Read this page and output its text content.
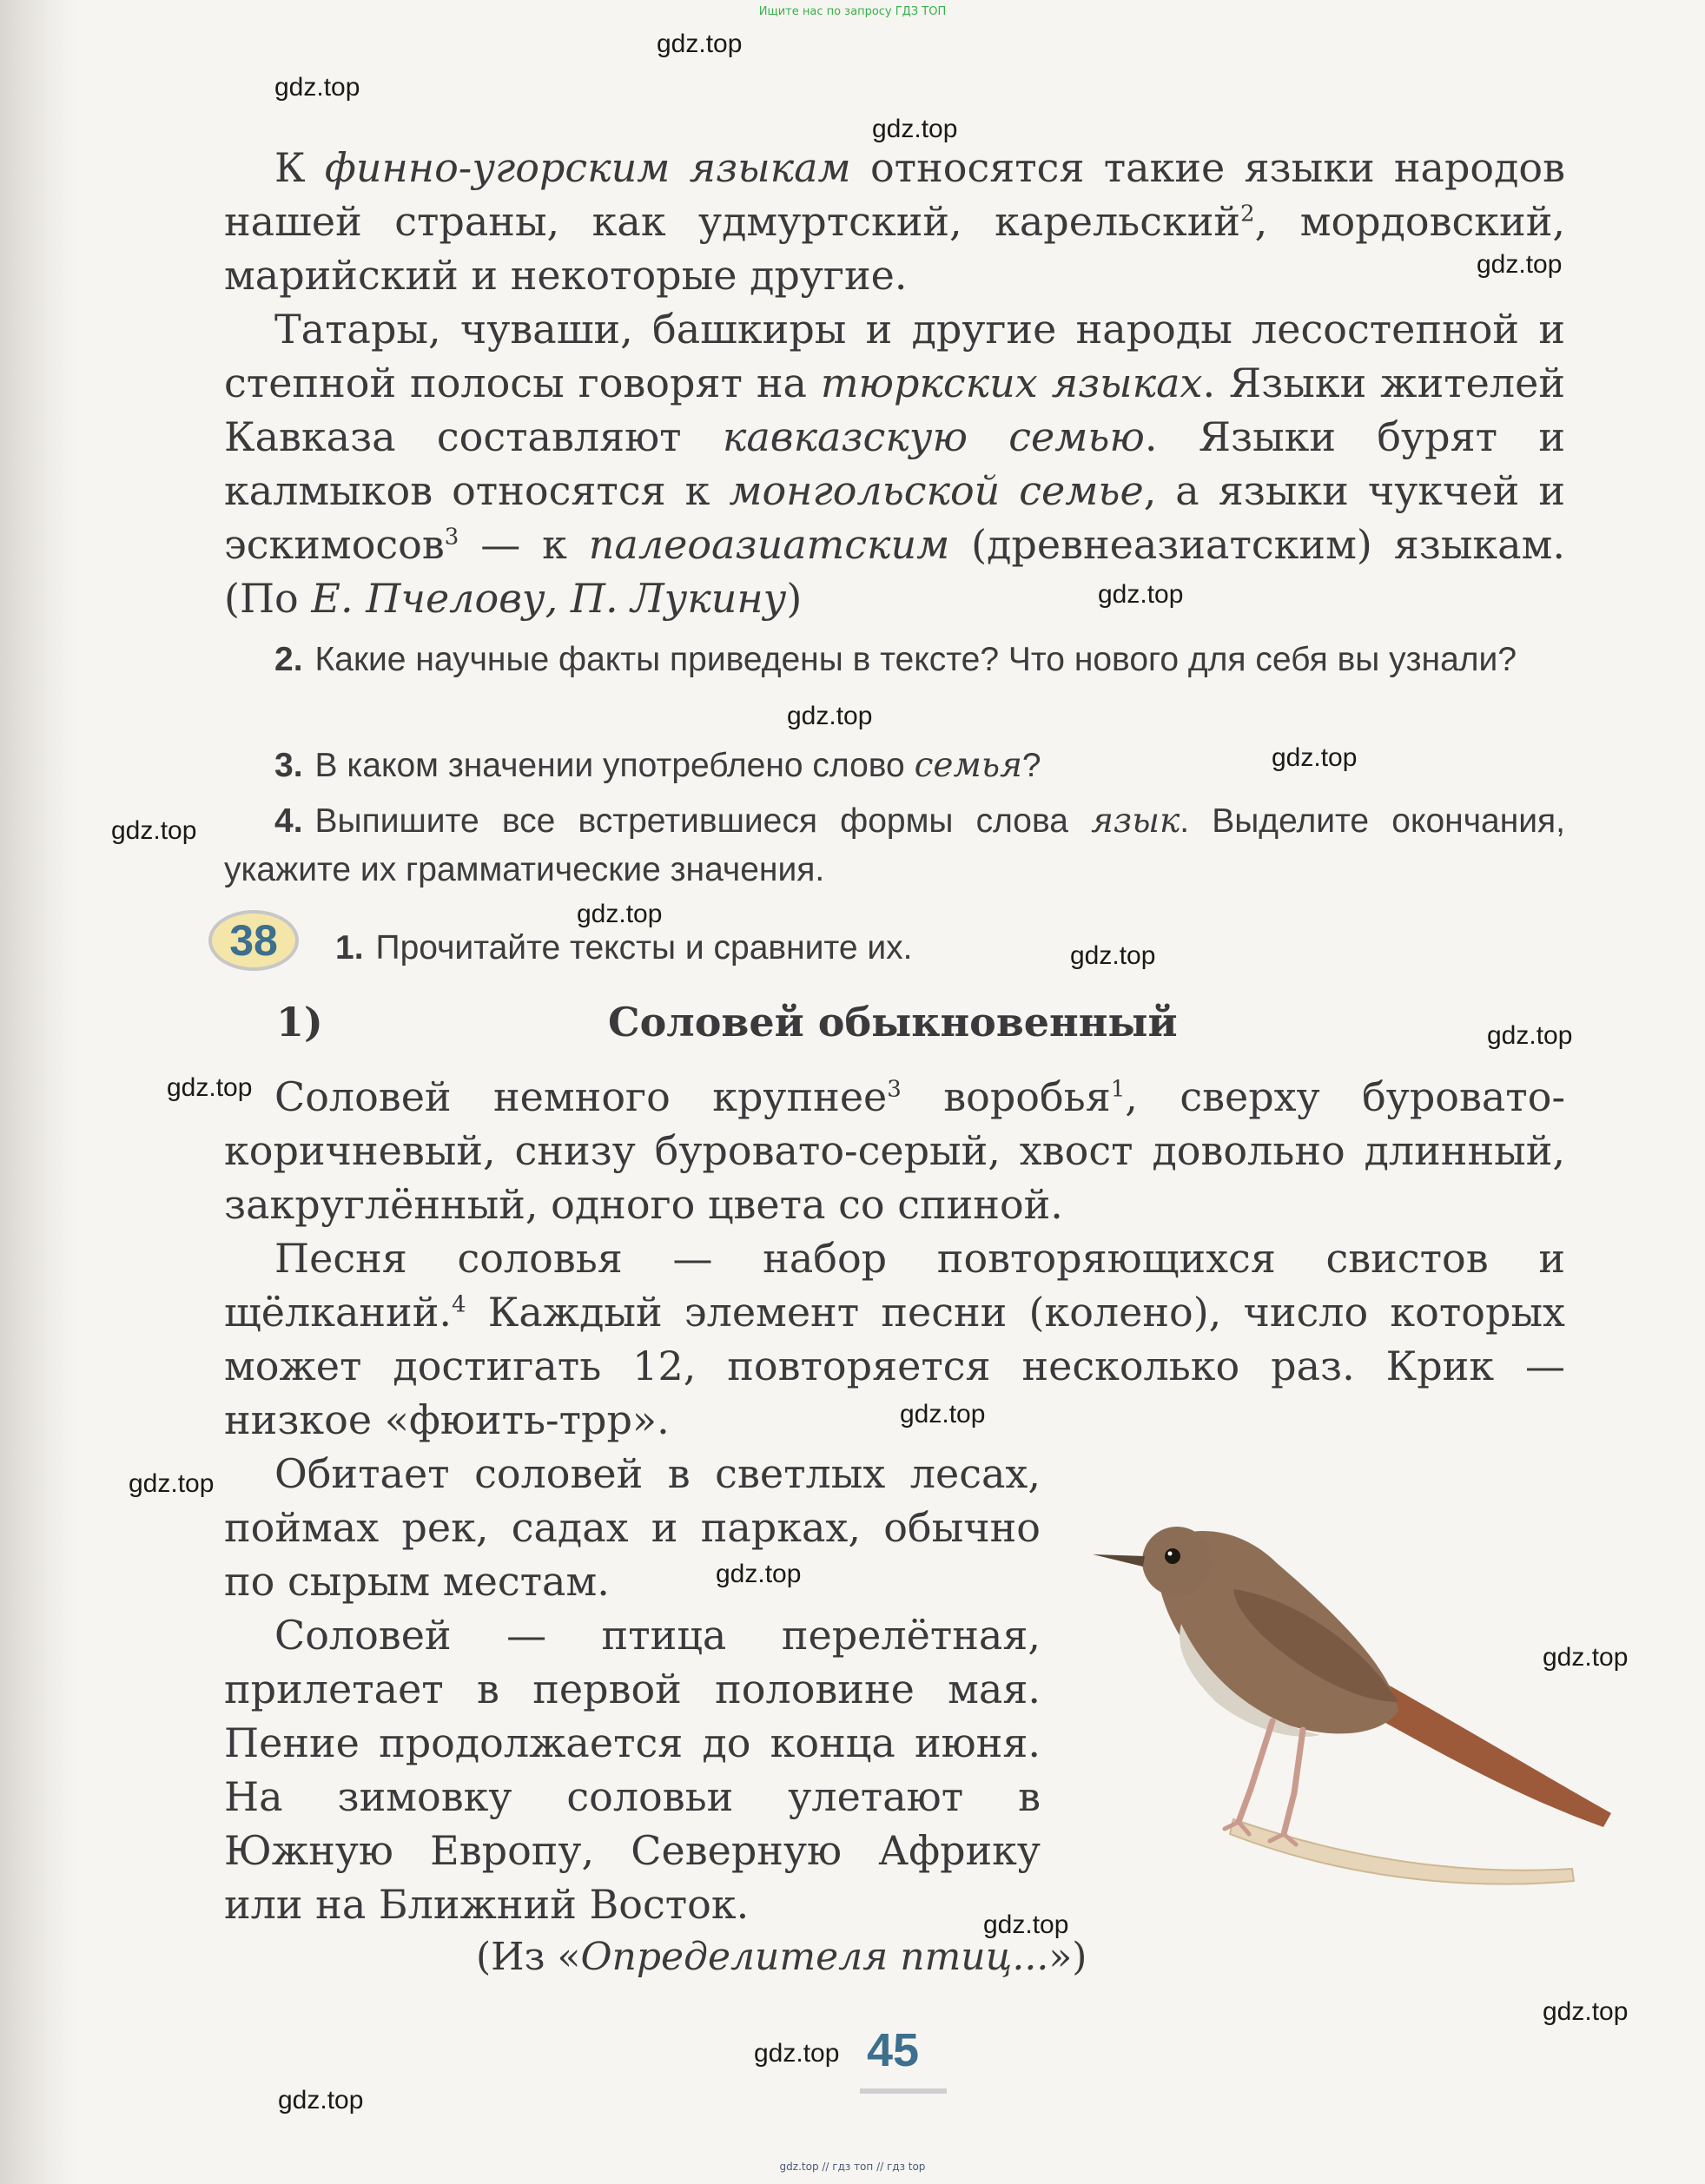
Ищите нас по запросу ГДЗ ТОП

К финно-угорским языкам относятся такие языки народов нашей страны, как удмуртский, карельский$^2$, мордовский, марийский и некоторые другие.

Татары, чуваши, башкиры и другие народы лесостепной и степной полосы говорят на тюркских языках. Языки жителей Кавказа составляют кавказскую семью. Языки бурят и калмыков относятся к монгольской семье, а языки чукчей и эскимосов$^3$ — к палеоазиатским (древнеазиатским) языкам. (По Е. Пчелову, П. Лукину)

2. Какие научные факты приведены в тексте? Что нового для себя вы узнали?
3. В каком значении употреблено слово семья?
4. Выпишите все встретившиеся формы слова язык. Выделите окончания, укажите их грамматические значения.
38	1. Прочитайте тексты и сравните их.
1)	Соловей обыкновенный

Соловей немного крупнее$^3$ воробья$^1$, сверху буровато-коричневый, снизу буровато-серый, хвост довольно длинный, закруглённый, одного цвета со спиной.

Песня соловья — набор повторяющихся свистов и щёлканий.$^4$ Каждый элемент песни (колено), число которых может достигать 12, повторяется несколько раз. Крик — низкое «фюить-трр».

Обитает соловей в светлых лесах, поймах рек, садах и парках, обычно по сырым местам.

Соловей — птица перелётная, прилетает в первой половине мая. Пение продолжается до конца июня. На зимовку соловьи улетают в Южную Европу, Северную Африку или на Ближний Восток.

(Из «Определителя птиц...»)
45
gdz.top
gdz.top
gdz.top
gdz.top
gdz.top
gdz.top
gdz.top
gdz.top
gdz.top
gdz.top
gdz.top
gdz.top
gdz.top
gdz.top
gdz.top
gdz.top
gdz.top
gdz.top
gdz.top
gdz.top
gdz.top // гдз топ // гдз top
